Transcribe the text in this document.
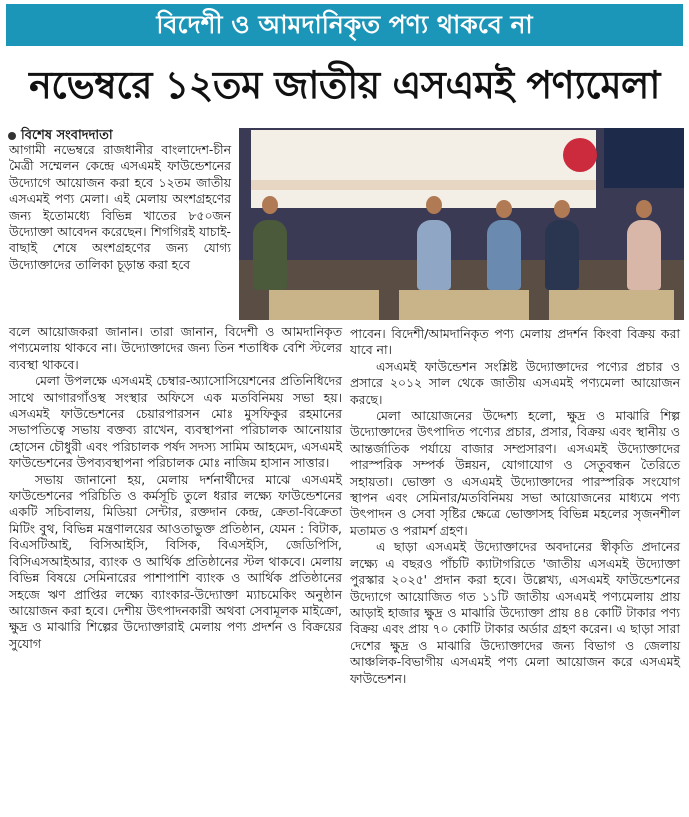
বিদেশী ও আমদানিকৃত পণ্য থাকবে না
নভেম্বরে ১২তম জাতীয় এসএমই পণ্যমেলা
বিশেষ সংবাদদাতা

আগামী নভেম্বরে রাজধানীর বাংলাদেশ-চীন মৈত্রী সম্মেলন কেন্দ্রে এসএমই ফাউন্ডেশনের উদ্যোগে আয়োজন করা হবে ১২তম জাতীয় এসএমই পণ্য মেলা। এই মেলায় অংশগ্রহণের জন্য ইতোমধ্যে বিভিন্ন খাতের ৮৫০জন উদ্যোক্তা আবেদন করেছেন। শিগগিরই যাচাই-বাছাই শেষে অংশগ্রহণের জন্য যোগ্য উদ্যোক্তাদের তালিকা চূড়ান্ত করা হবে

বলে আয়োজকরা জানান। তারা জানান, বিদেশী ও আমদানিকৃত পণ্যমেলায় থাকবে না। উদ্যোক্তাদের জন্য তিন শতাধিক বেশি স্টলের ব্যবস্থা থাকবে।

মেলা উপলক্ষে এসএমই চেম্বার-অ্যাসোসিয়েশনের প্রতিনিধিদের সাথে আগারগাঁওস্থ সংস্থার অফিসে এক মতবিনিময় সভা হয়। এসএমই ফাউন্ডেশনের চেয়ারপারসন মোঃ মুসফিকুর রহমানের সভাপতিত্বে সভায় বক্তব্য রাখেন, ব্যবস্থাপনা পরিচালক আনোয়ার হোসেন চৌধুরী এবং পরিচালক পর্ষদ সদস্য সামিম আহমেদ, এসএমই ফাউন্ডেশনের উপব্যবস্থাপনা পরিচালক মোঃ নাজিম হাসান সাত্তার।

সভায় জানানো হয়, মেলায় দর্শনার্থীদের মাঝে এসএমই ফাউন্ডেশনের পরিচিতি ও কর্মসূচি তুলে ধরার লক্ষ্যে ফাউন্ডেশনের একটি সচিবালয়, মিডিয়া সেন্টার, রক্তদান কেন্দ্র, ক্রেতা-বিক্রেতা মিটিং বুথ, বিভিন্ন মন্ত্রণালয়ের আওতাভুক্ত প্রতিষ্ঠান, যেমন : বিটাক, বিএসটিআই, বিসিআইসি, বিসিক, বিএসইসি, জেডিপিসি, বিসিএসআইআর, ব্যাংক ও আর্থিক প্রতিষ্ঠানের স্টল থাকবে। মেলায় বিভিন্ন বিষয়ে সেমিনারের পাশাপাশি ব্যাংক ও আর্থিক প্রতিষ্ঠানের সহজে ঋণ প্রাপ্তির লক্ষ্যে ব্যাংকার-উদ্যোক্তা ম্যাচমেকিং অনুষ্ঠান আয়োজন করা হবে। দেশীয় উৎপাদনকারী অথবা সেবামূলক মাইক্রো, ক্ষুদ্র ও মাঝারি শিল্পের উদ্যোক্তারাই মেলায় পণ্য প্রদর্শন ও বিক্রয়ের সুযোগ

পাবেন। বিদেশী/আমদানিকৃত পণ্য মেলায় প্রদর্শন কিংবা বিক্রয় করা যাবে না।

এসএমই ফাউন্ডেশন সংশ্লিষ্ট উদ্যোক্তাদের পণ্যের প্রচার ও প্রসারে ২০১২ সাল থেকে জাতীয় এসএমই পণ্যমেলা আয়োজন করছে।

মেলা আয়োজনের উদ্দেশ্য হলো, ক্ষুদ্র ও মাঝারি শিল্প উদ্যোক্তাদের উৎপাদিত পণ্যের প্রচার, প্রসার, বিক্রয় এবং স্থানীয় ও আন্তর্জাতিক পর্যায়ে বাজার সম্প্রসারণ। এসএমই উদ্যোক্তাদের পারস্পরিক সম্পর্ক উন্নয়ন, যোগাযোগ ও সেতুবন্ধন তৈরিতে সহায়তা। ভোক্তা ও এসএমই উদ্যোক্তাদের পারস্পরিক সংযোগ স্থাপন এবং সেমিনার/মতবিনিময় সভা আয়োজনের মাধ্যমে পণ্য উৎপাদন ও সেবা সৃষ্টির ক্ষেত্রে ভোক্তাসহ বিভিন্ন মহলের সৃজনশীল মতামত ও পরামর্শ গ্রহণ।

এ ছাড়া এসএমই উদ্যোক্তাদের অবদানের স্বীকৃতি প্রদানের লক্ষ্যে এ বছরও পাঁচটি ক্যাটাগরিতে 'জাতীয় এসএমই উদ্যোক্তা পুরস্কার ২০২৫' প্রদান করা হবে। উল্লেখ্য, এসএমই ফাউন্ডেশনের উদ্যোগে আয়োজিত গত ১১টি জাতীয় এসএমই পণ্যমেলায় প্রায় আড়াই হাজার ক্ষুদ্র ও মাঝারি উদ্যোক্তা প্রায় ৪৪ কোটি টাকার পণ্য বিক্রয় এবং প্রায় ৭০ কোটি টাকার অর্ডার গ্রহণ করেন। এ ছাড়া সারা দেশের ক্ষুদ্র ও মাঝারি উদ্যোক্তাদের জন্য বিভাগ ও জেলায় আঞ্চলিক-বিভাগীয় এসএমই পণ্য মেলা আয়োজন করে এসএমই ফাউন্ডেশন।
